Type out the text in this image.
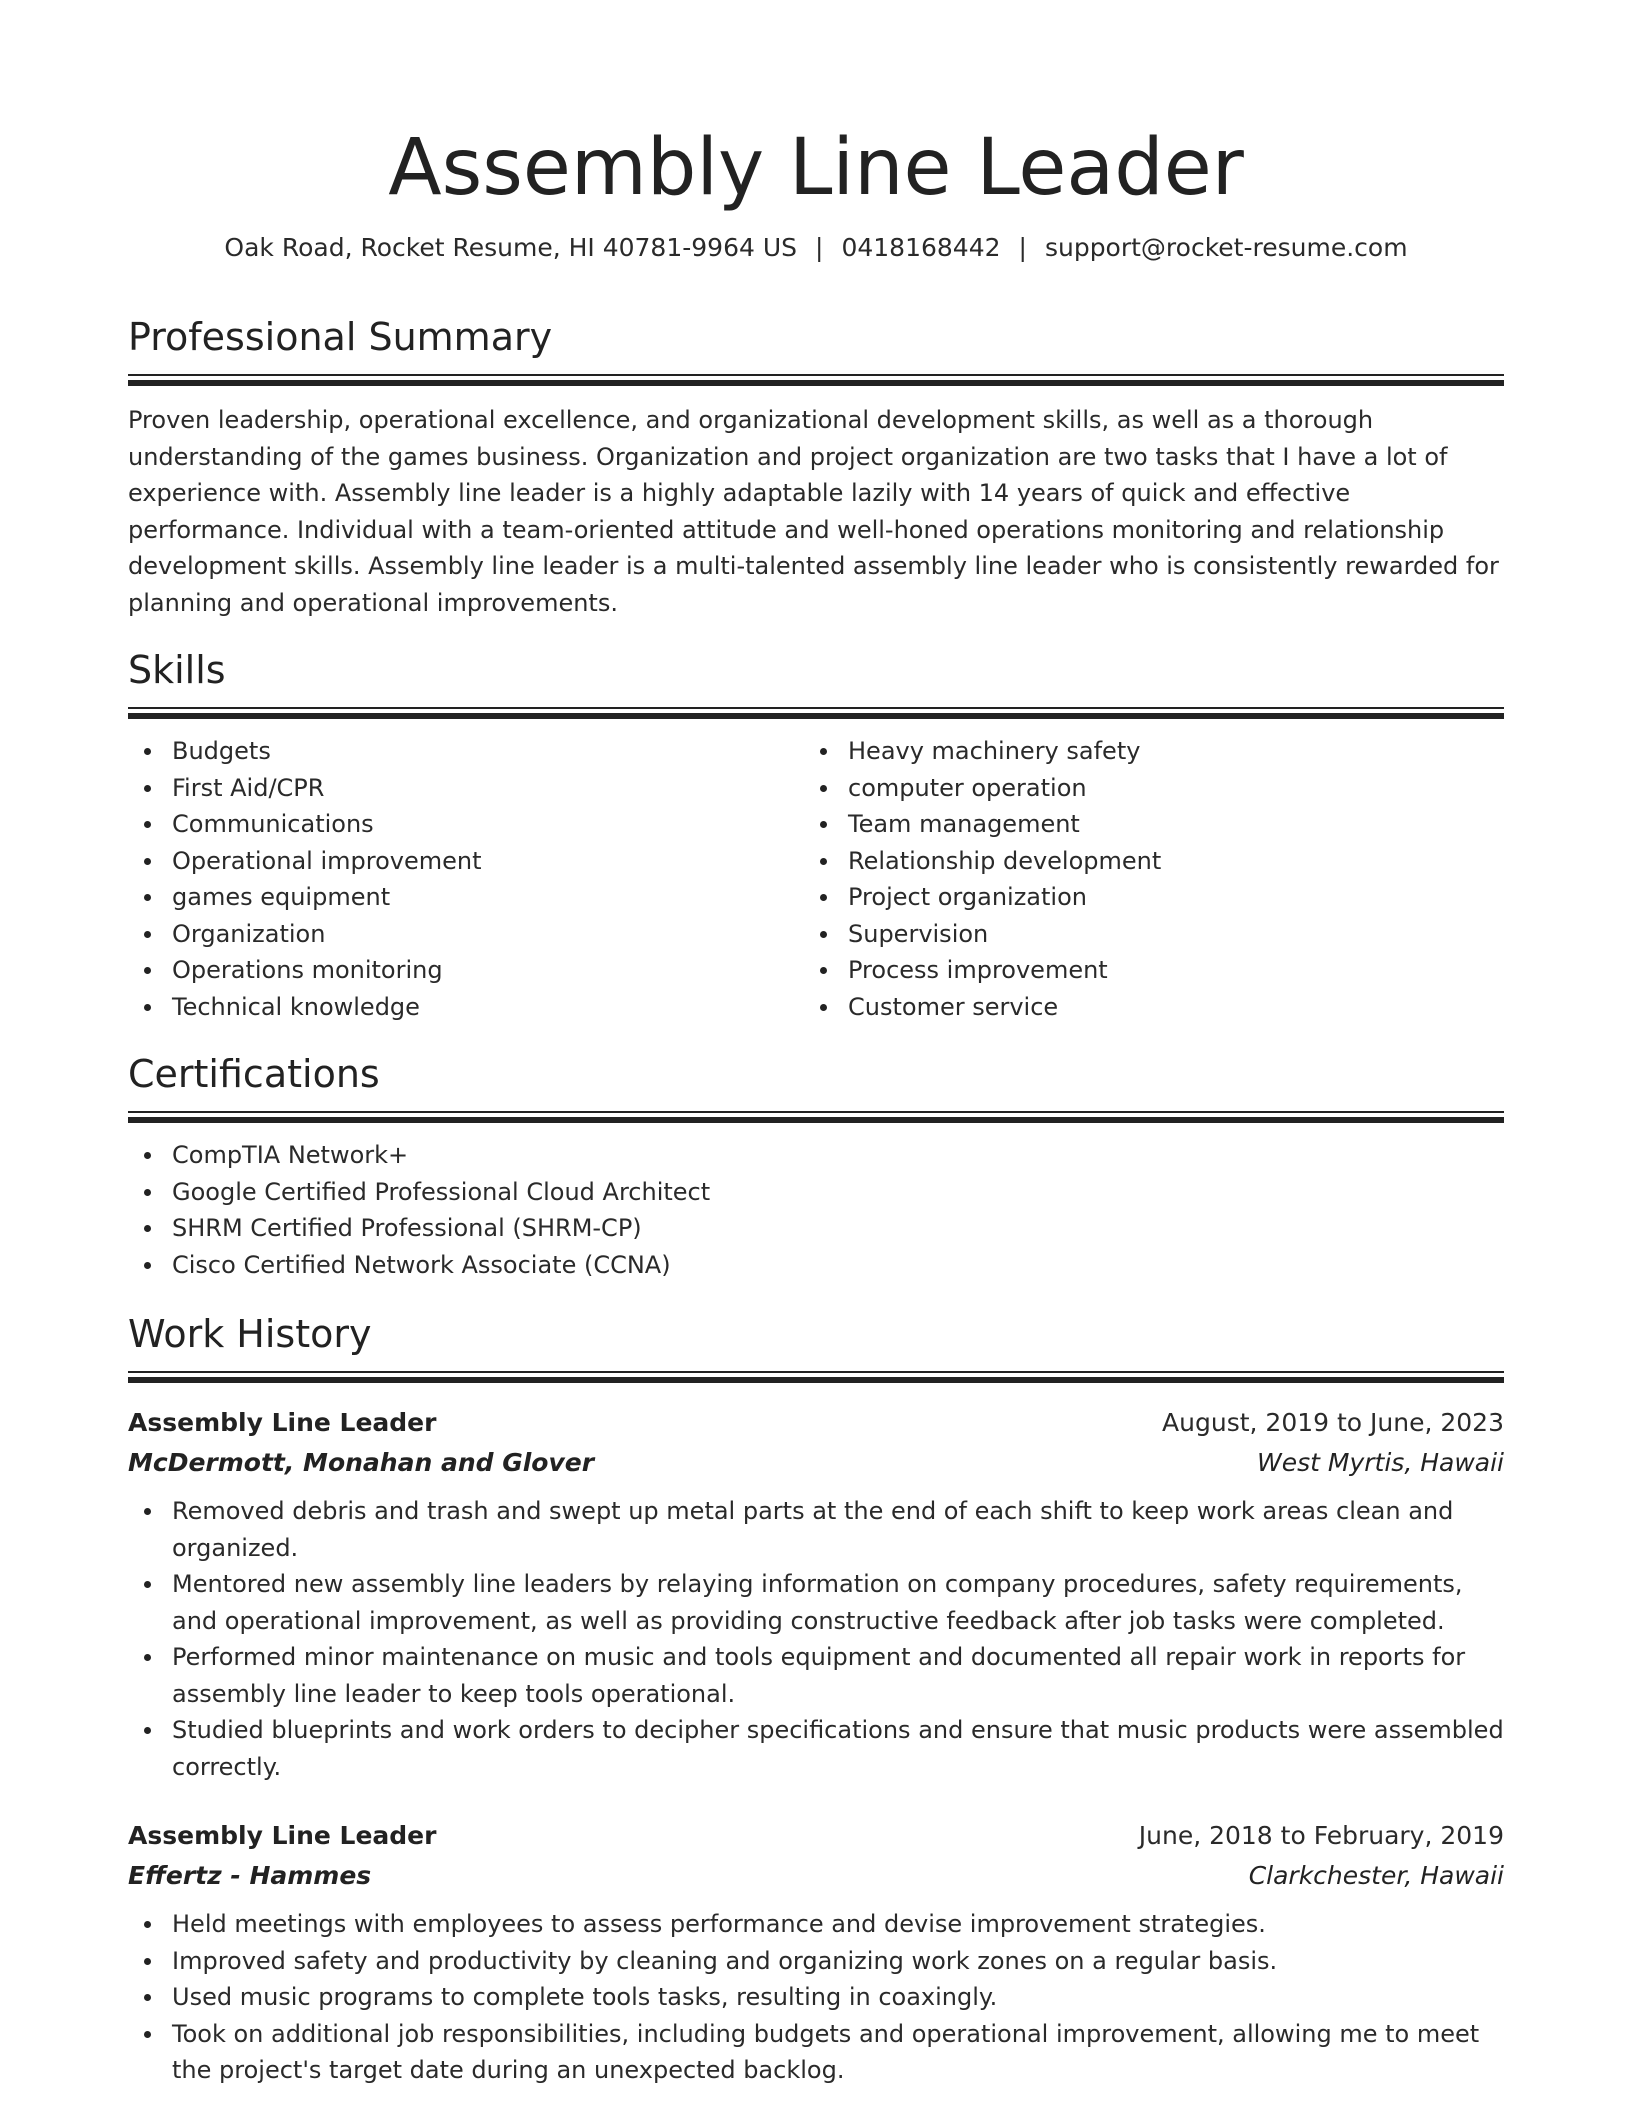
Assembly Line Leader
Oak Road, Rocket Resume, HI 40781-9964 US | 0418168442 | support@rocket-resume.com
Professional Summary

Proven leadership, operational excellence, and organizational development skills, as well as a thorough understanding of the games business. Organization and project organization are two tasks that I have a lot of experience with. Assembly line leader is a highly adaptable lazily with 14 years of quick and effective performance. Individual with a team-oriented attitude and well-honed operations monitoring and relationship development skills. Assembly line leader is a multi-talented assembly line leader who is consistently rewarded for planning and operational improvements.

Skills
Budgets
First Aid/CPR
Communications
Operational improvement
games equipment
Organization
Operations monitoring
Technical knowledge
Heavy machinery safety
computer operation
Team management
Relationship development
Project organization
Supervision
Process improvement
Customer service
Certifications
CompTIA Network+
Google Certified Professional Cloud Architect
SHRM Certified Professional (SHRM-CP)
Cisco Certified Network Associate (CCNA)
Work History
Assembly Line Leader	August, 2019 to June, 2023
McDermott, Monahan and Glover	West Myrtis, Hawaii
Removed debris and trash and swept up metal parts at the end of each shift to keep work areas clean and organized.
Mentored new assembly line leaders by relaying information on company procedures, safety requirements, and operational improvement, as well as providing constructive feedback after job tasks were completed.
Performed minor maintenance on music and tools equipment and documented all repair work in reports for assembly line leader to keep tools operational.
Studied blueprints and work orders to decipher specifications and ensure that music products were assembled correctly.
Assembly Line Leader	June, 2018 to February, 2019
Effertz - Hammes	Clarkchester, Hawaii
Held meetings with employees to assess performance and devise improvement strategies.
Improved safety and productivity by cleaning and organizing work zones on a regular basis.
Used music programs to complete tools tasks, resulting in coaxingly.
Took on additional job responsibilities, including budgets and operational improvement, allowing me to meet the project's target date during an unexpected backlog.
